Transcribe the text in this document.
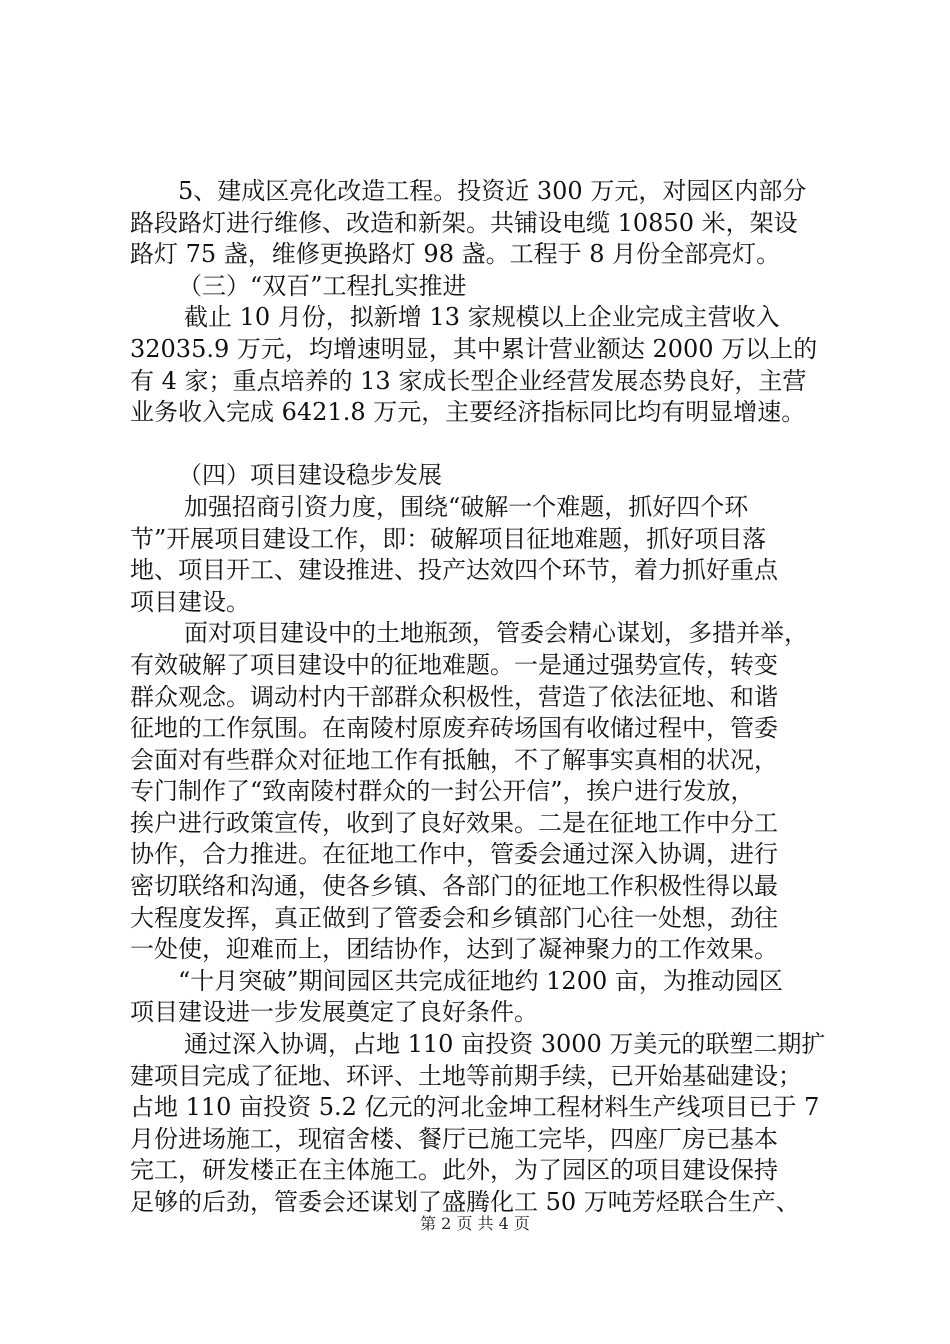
5、建成区亮化改造工程。投资近 300 万元，对园区内部分
路段路灯进行维修、改造和新架。共铺设电缆 10850 米，架设
路灯 75 盏，维修更换路灯 98 盏。工程于 8 月份全部亮灯。
（三）“双百”工程扎实推进
截止 10 月份，拟新增 13 家规模以上企业完成主营收入
32035.9 万元，均增速明显，其中累计营业额达 2000 万以上的
有 4 家；重点培养的 13 家成长型企业经营发展态势良好，主营
业务收入完成 6421.8 万元，主要经济指标同比均有明显增速。
（四）项目建设稳步发展
加强招商引资力度，围绕“破解一个难题，抓好四个环
节”开展项目建设工作，即：破解项目征地难题，抓好项目落
地、项目开工、建设推进、投产达效四个环节，着力抓好重点
项目建设。
面对项目建设中的土地瓶颈，管委会精心谋划，多措并举，
有效破解了项目建设中的征地难题。一是通过强势宣传，转变
群众观念。调动村内干部群众积极性，营造了依法征地、和谐
征地的工作氛围。在南陵村原废弃砖场国有收储过程中，管委
会面对有些群众对征地工作有抵触，不了解事实真相的状况，
专门制作了“致南陵村群众的一封公开信”，挨户进行发放，
挨户进行政策宣传，收到了良好效果。二是在征地工作中分工
协作，合力推进。在征地工作中，管委会通过深入协调，进行
密切联络和沟通，使各乡镇、各部门的征地工作积极性得以最
大程度发挥，真正做到了管委会和乡镇部门心往一处想，劲往
一处使，迎难而上，团结协作，达到了凝神聚力的工作效果。
“十月突破”期间园区共完成征地约 1200 亩，为推动园区
项目建设进一步发展奠定了良好条件。
通过深入协调，占地 110 亩投资 3000 万美元的联塑二期扩
建项目完成了征地、环评、土地等前期手续，已开始基础建设；
占地 110 亩投资 5.2 亿元的河北金坤工程材料生产线项目已于 7
月份进场施工，现宿舍楼、餐厅已施工完毕，四座厂房已基本
完工，研发楼正在主体施工。此外，为了园区的项目建设保持
足够的后劲，管委会还谋划了盛腾化工 50 万吨芳烃联合生产、
第 2 页 共 4 页
